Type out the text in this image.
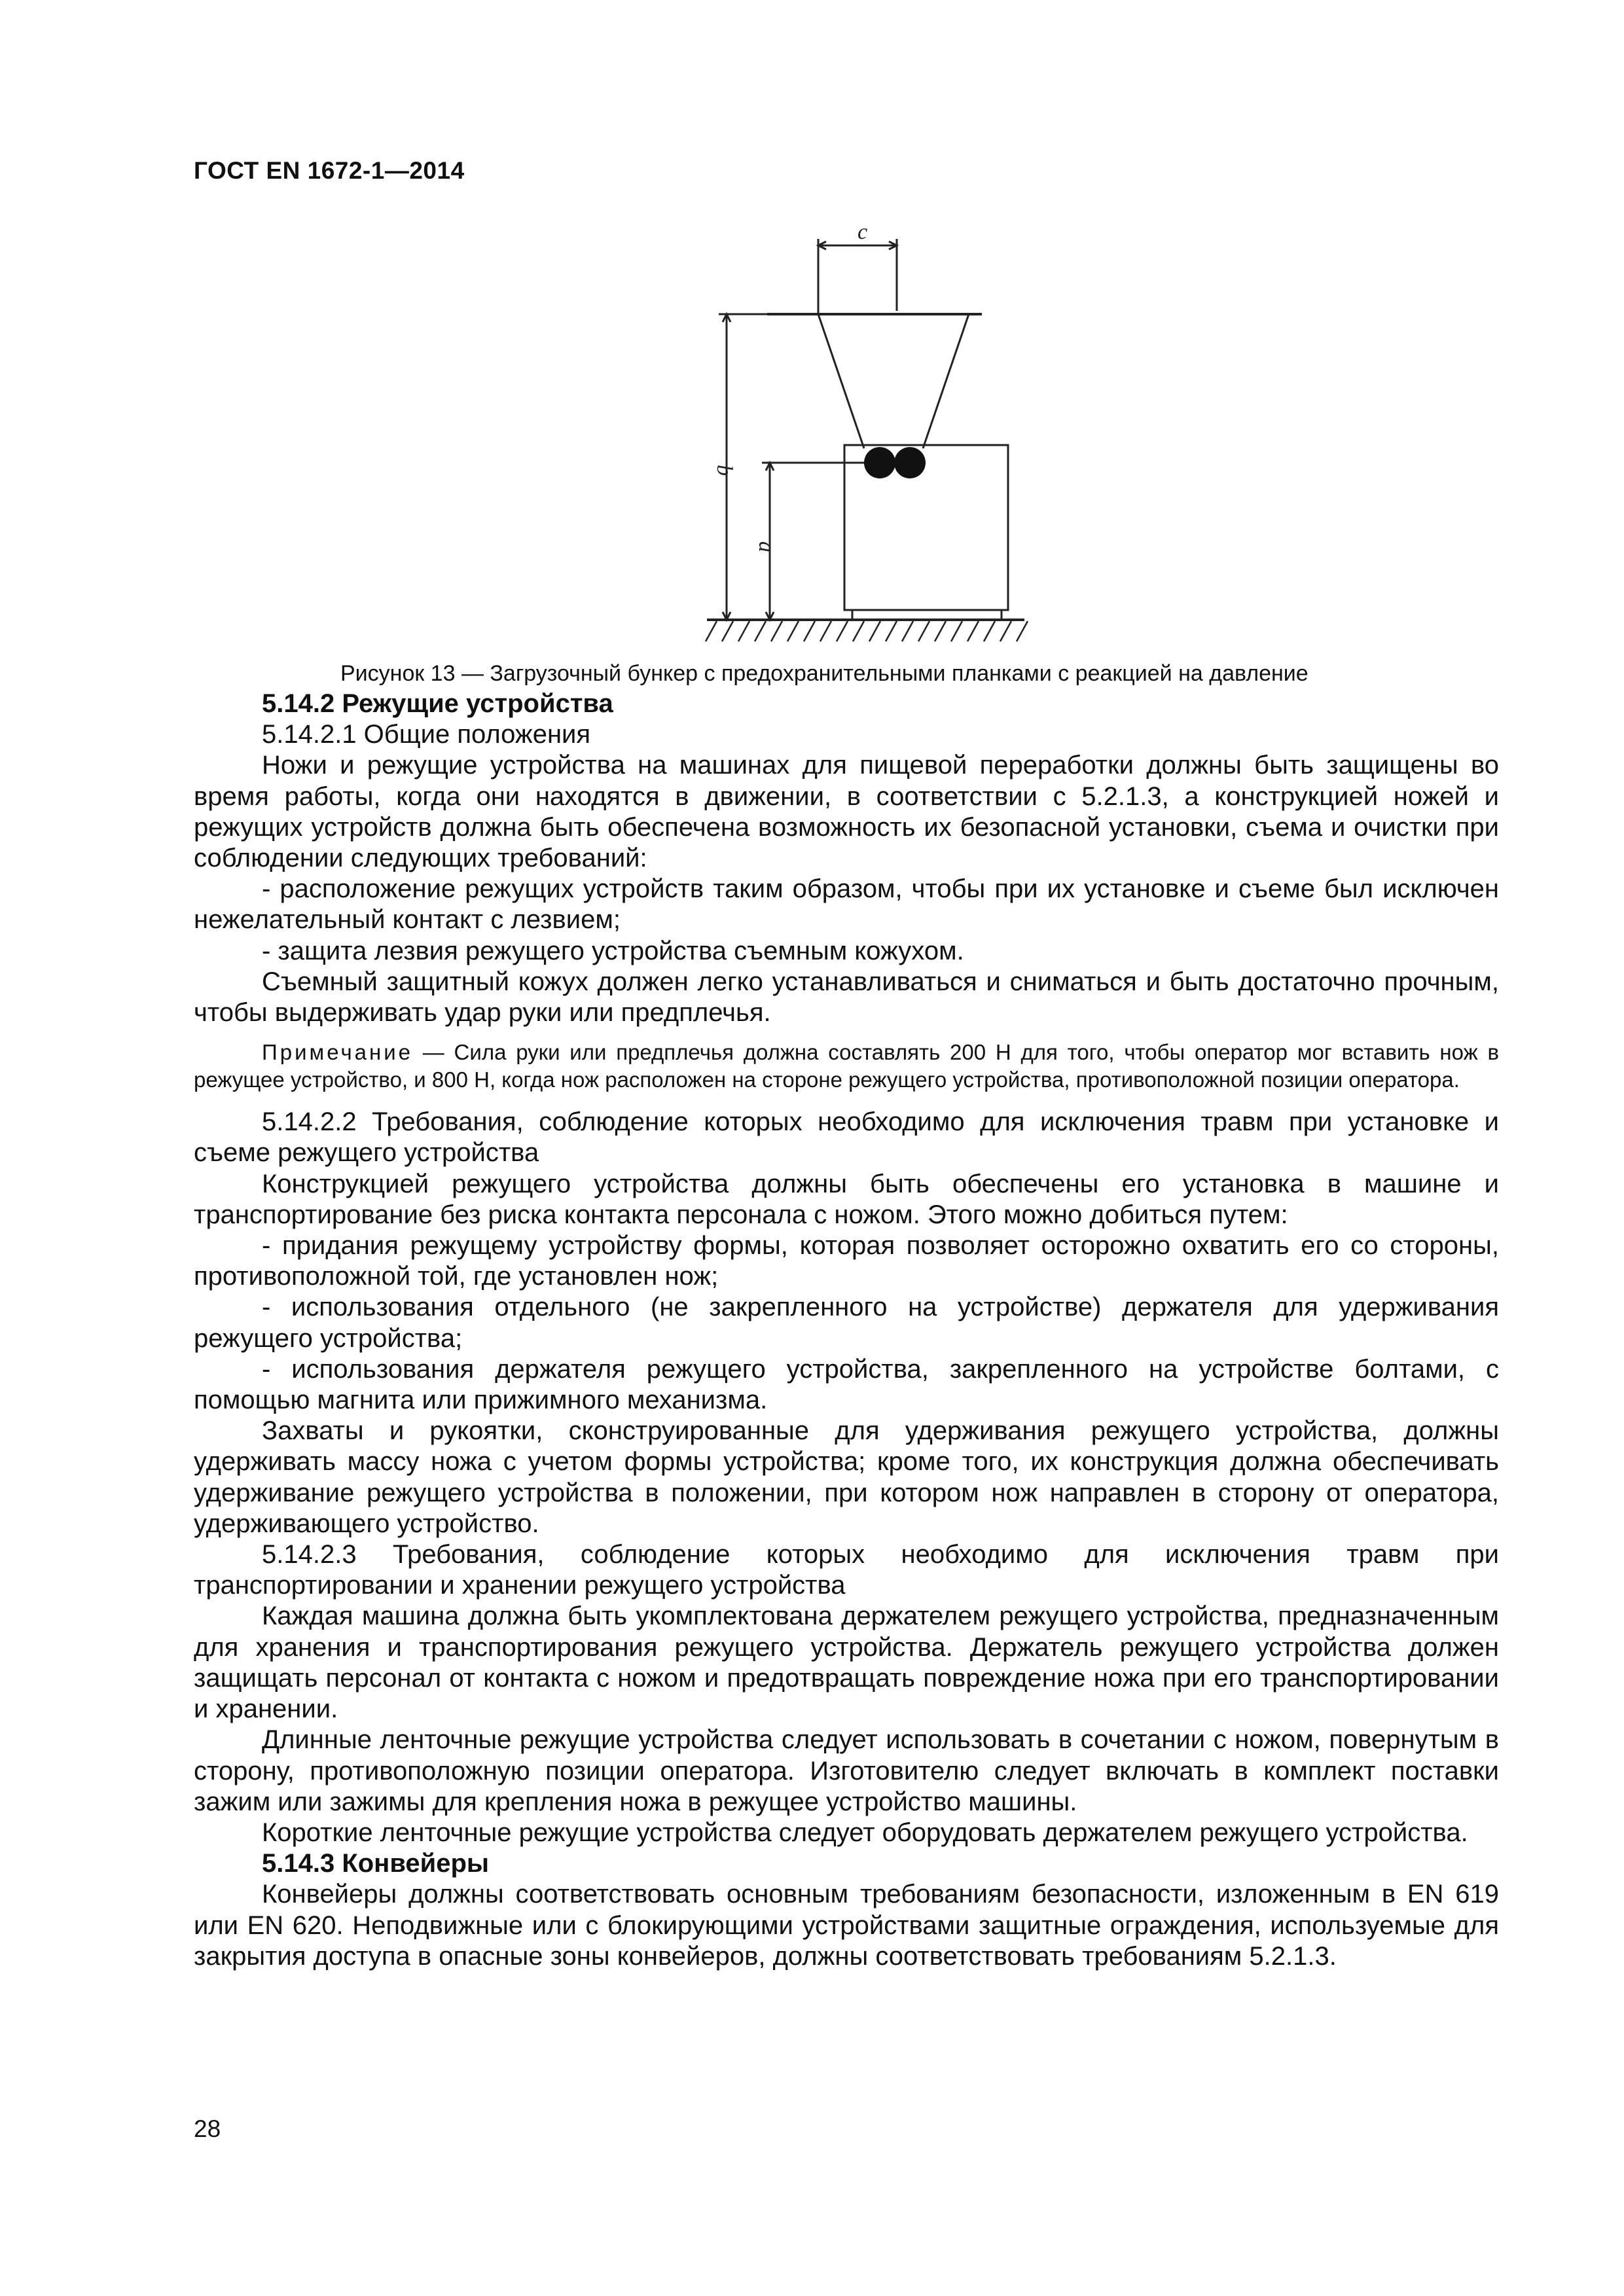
ГОСТ EN 1672-1—2014
c
b
a
Рисунок 13 — Загрузочный бункер с предохранительными планками с реакцией на давление

5.14.2 Режущие устройства

5.14.2.1 Общие положения

Ножи и режущие устройства на машинах для пищевой переработки должны быть защищены во время работы, когда они находятся в движении, в соответствии с 5.2.1.3, а конструкцией ножей и режущих устройств должна быть обеспечена возможность их безопасной установки, съема и очистки при соблюдении следующих требований:

- расположение режущих устройств таким образом, чтобы при их установке и съеме был исключен нежелательный контакт с лезвием;

- защита лезвия режущего устройства съемным кожухом.

Съемный защитный кожух должен легко устанавливаться и сниматься и быть достаточно прочным, чтобы выдерживать удар руки или предплечья.

Примечание — Сила руки или предплечья должна составлять 200 Н для того, чтобы оператор мог вставить нож в режущее устройство, и 800 Н, когда нож расположен на стороне режущего устройства, противоположной позиции оператора.

5.14.2.2 Требования, соблюдение которых необходимо для исключения травм при установке и съеме режущего устройства

Конструкцией режущего устройства должны быть обеспечены его установка в машине и транспортирование без риска контакта персонала с ножом. Этого можно добиться путем:

- придания режущему устройству формы, которая позволяет осторожно охватить его со стороны, противоположной той, где установлен нож;

- использования отдельного (не закрепленного на устройстве) держателя для удерживания режущего устройства;

- использования держателя режущего устройства, закрепленного на устройстве болтами, с помощью магнита или прижимного механизма.

Захваты и рукоятки, сконструированные для удерживания режущего устройства, должны удерживать массу ножа с учетом формы устройства; кроме того, их конструкция должна обеспечивать удерживание режущего устройства в положении, при котором нож направлен в сторону от оператора, удерживающего устройство.

5.14.2.3 Требования, соблюдение которых необходимо для исключения травм при транспортировании и хранении режущего устройства

Каждая машина должна быть укомплектована держателем режущего устройства, предназначенным для хранения и транспортирования режущего устройства. Держатель режущего устройства должен защищать персонал от контакта с ножом и предотвращать повреждение ножа при его транспортировании и хранении.

Длинные ленточные режущие устройства следует использовать в сочетании с ножом, повернутым в сторону, противоположную позиции оператора. Изготовителю следует включать в комплект поставки зажим или зажимы для крепления ножа в режущее устройство машины.

Короткие ленточные режущие устройства следует оборудовать держателем режущего устройства.

5.14.3 Конвейеры

Конвейеры должны соответствовать основным требованиям безопасности, изложенным в EN 619 или EN 620. Неподвижные или с блокирующими устройствами защитные ограждения, используемые для закрытия доступа в опасные зоны конвейеров, должны соответствовать требованиям 5.2.1.3.

28
